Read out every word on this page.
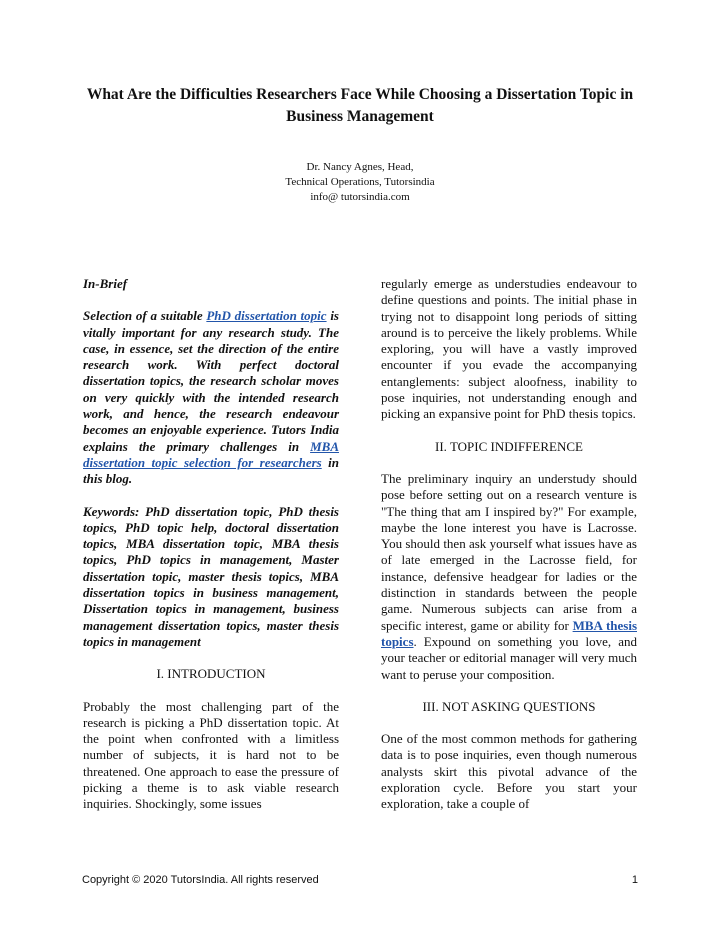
What Are the Difficulties Researchers Face While Choosing a Dissertation Topic in Business Management
Dr. Nancy Agnes, Head,
Technical Operations, Tutorsindia
info@ tutorsindia.com

In-Brief

Selection of a suitable PhD dissertation topic is vitally important for any research study. The case, in essence, set the direction of the entire research work. With perfect doctoral dissertation topics, the research scholar moves on very quickly with the intended research work, and hence, the research endeavour becomes an enjoyable experience. Tutors India explains the primary challenges in MBA dissertation topic selection for researchers in this blog.

Keywords: PhD dissertation topic, PhD thesis topics, PhD topic help, doctoral dissertation topics, MBA dissertation topic, MBA thesis topics, PhD topics in management, Master dissertation topic, master thesis topics, MBA dissertation topics in business management, Dissertation topics in management, business management dissertation topics, master thesis topics in management

I. INTRODUCTION

Probably the most challenging part of the research is picking a PhD dissertation topic. At the point when confronted with a limitless number of subjects, it is hard not to be threatened. One approach to ease the pressure of picking a theme is to ask viable research inquiries. Shockingly, some issues

regularly emerge as understudies endeavour to define questions and points. The initial phase in trying not to disappoint long periods of sitting around is to perceive the likely problems. While exploring, you will have a vastly improved encounter if you evade the accompanying entanglements: subject aloofness, inability to pose inquiries, not understanding enough and picking an expansive point for PhD thesis topics.

II. TOPIC INDIFFERENCE

The preliminary inquiry an understudy should pose before setting out on a research venture is "The thing that am I inspired by?" For example, maybe the lone interest you have is Lacrosse. You should then ask yourself what issues have as of late emerged in the Lacrosse field, for instance, defensive headgear for ladies or the distinction in standards between the people game. Numerous subjects can arise from a specific interest, game or ability for MBA thesis topics. Expound on something you love, and your teacher or editorial manager will very much want to peruse your composition.

III. NOT ASKING QUESTIONS

One of the most common methods for gathering data is to pose inquiries, even though numerous analysts skirt this pivotal advance of the exploration cycle. Before you start your exploration, take a couple of

Copyright © 2020 TutorsIndia. All rights reserved	1
